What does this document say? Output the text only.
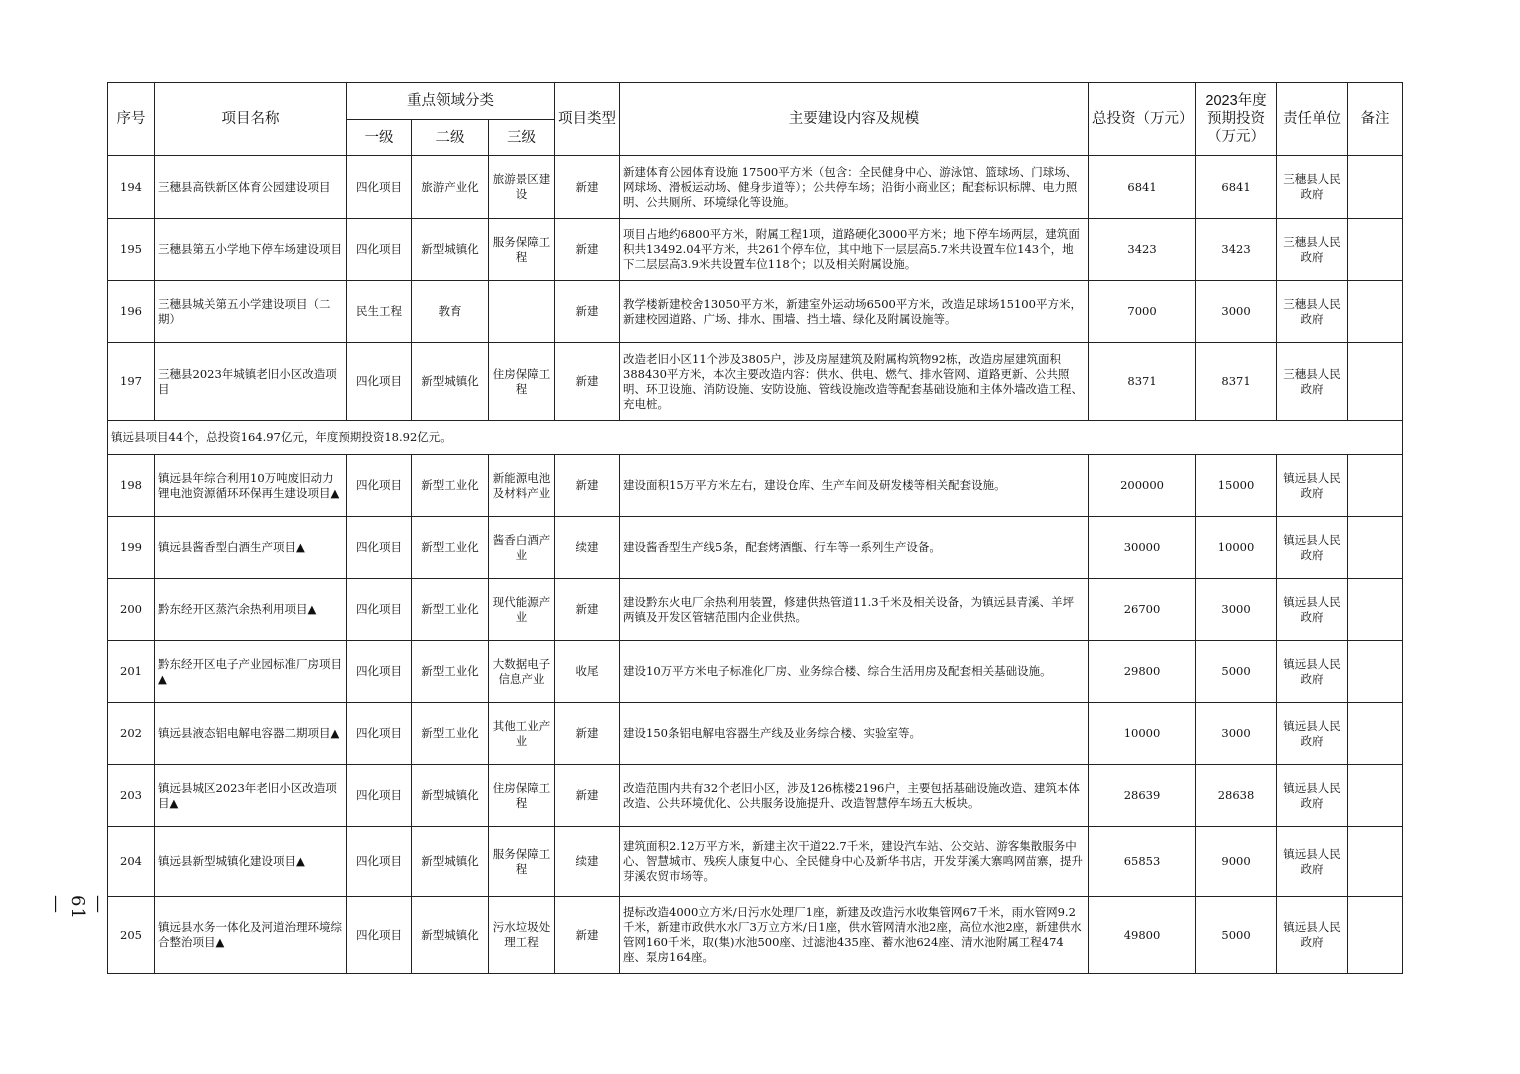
序号	项目名称	重点领域分类			项目类型	主要建设内容及规模	总投资（万元）	2023年度预期投资（万元）	责任单位	备注
		一级	二级	三级						
194	三穗县高铁新区体育公园建设项目	四化项目	旅游产业化	旅游景区建设	新建	新建体育公园体育设施 17500平方米（包含：全民健身中心、游泳馆、篮球场、门球场、网球场、滑板运动场、健身步道等）；公共停车场；沿街小商业区；配套标识标牌、电力照明、公共厕所、环境绿化等设施。	6841	6841	三穗县人民政府	
195	三穗县第五小学地下停车场建设项目	四化项目	新型城镇化	服务保障工程	新建	项目占地约6800平方米，附属工程1项，道路硬化3000平方米；地下停车场两层，建筑面积共13492.04平方米，共261个停车位，其中地下一层层高5.7米共设置车位143个，地下二层层高3.9米共设置车位118个；以及相关附属设施。	3423	3423	三穗县人民政府	
196	三穗县城关第五小学建设项目（二期）	民生工程	教育		新建	教学楼新建校舍13050平方米，新建室外运动场6500平方米，改造足球场15100平方米，新建校园道路、广场、排水、围墙、挡土墙、绿化及附属设施等。	7000	3000	三穗县人民政府	
197	三穗县2023年城镇老旧小区改造项目	四化项目	新型城镇化	住房保障工程	新建	改造老旧小区11个涉及3805户，涉及房屋建筑及附属构筑物92栋，改造房屋建筑面积388430平方米，本次主要改造内容：供水、供电、燃气、排水管网、道路更新、公共照明、环卫设施、消防设施、安防设施、管线设施改造等配套基础设施和主体外墙改造工程、充电桩。	8371	8371	三穗县人民政府	
镇远县项目44个，总投资164.97亿元，年度预期投资18.92亿元。										
198	镇远县年综合利用10万吨废旧动力锂电池资源循环环保再生建设项目▲	四化项目	新型工业化	新能源电池及材料产业	新建	建设面积15万平方米左右，建设仓库、生产车间及研发楼等相关配套设施。	200000	15000	镇远县人民政府	
199	镇远县酱香型白酒生产项目▲	四化项目	新型工业化	酱香白酒产业	续建	建设酱香型生产线5条，配套烤酒甑、行车等一系列生产设备。	30000	10000	镇远县人民政府	
200	黔东经开区蒸汽余热利用项目▲	四化项目	新型工业化	现代能源产业	新建	建设黔东火电厂余热利用装置，修建供热管道11.3千米及相关设备，为镇远县青溪、羊坪两镇及开发区管辖范围内企业供热。	26700	3000	镇远县人民政府	
201	黔东经开区电子产业园标准厂房项目▲	四化项目	新型工业化	大数据电子信息产业	收尾	建设10万平方米电子标准化厂房、业务综合楼、综合生活用房及配套相关基础设施。	29800	5000	镇远县人民政府	
202	镇远县液态铝电解电容器二期项目▲	四化项目	新型工业化	其他工业产业	新建	建设150条铝电解电容器生产线及业务综合楼、实验室等。	10000	3000	镇远县人民政府	
203	镇远县城区2023年老旧小区改造项目▲	四化项目	新型城镇化	住房保障工程	新建	改造范围内共有32个老旧小区，涉及126栋楼2196户，主要包括基础设施改造、建筑本体改造、公共环境优化、公共服务设施提升、改造智慧停车场五大板块。	28639	28638	镇远县人民政府	
204	镇远县新型城镇化建设项目▲	四化项目	新型城镇化	服务保障工程	续建	建筑面积2.12万平方米，新建主次干道22.7千米，建设汽车站、公交站、游客集散服务中心、智慧城市、残疾人康复中心、全民健身中心及新华书店，开发芽溪大寨鸣网苗寨，提升芽溪农贸市场等。	65853	9000	镇远县人民政府	
205	镇远县水务一体化及河道治理环境综合整治项目▲	四化项目	新型城镇化	污水垃圾处理工程	新建	提标改造4000立方米/日污水处理厂1座，新建及改造污水收集管网67千米，雨水管网9.2千米，新建市政供水水厂3万立方米/日1座，供水管网清水池2座，高位水池2座，新建供水管网160千米，取(集)水池500座、过滤池435座、蓄水池624座、清水池附属工程474座、泵房164座。	49800	5000	镇远县人民政府	
—61—
